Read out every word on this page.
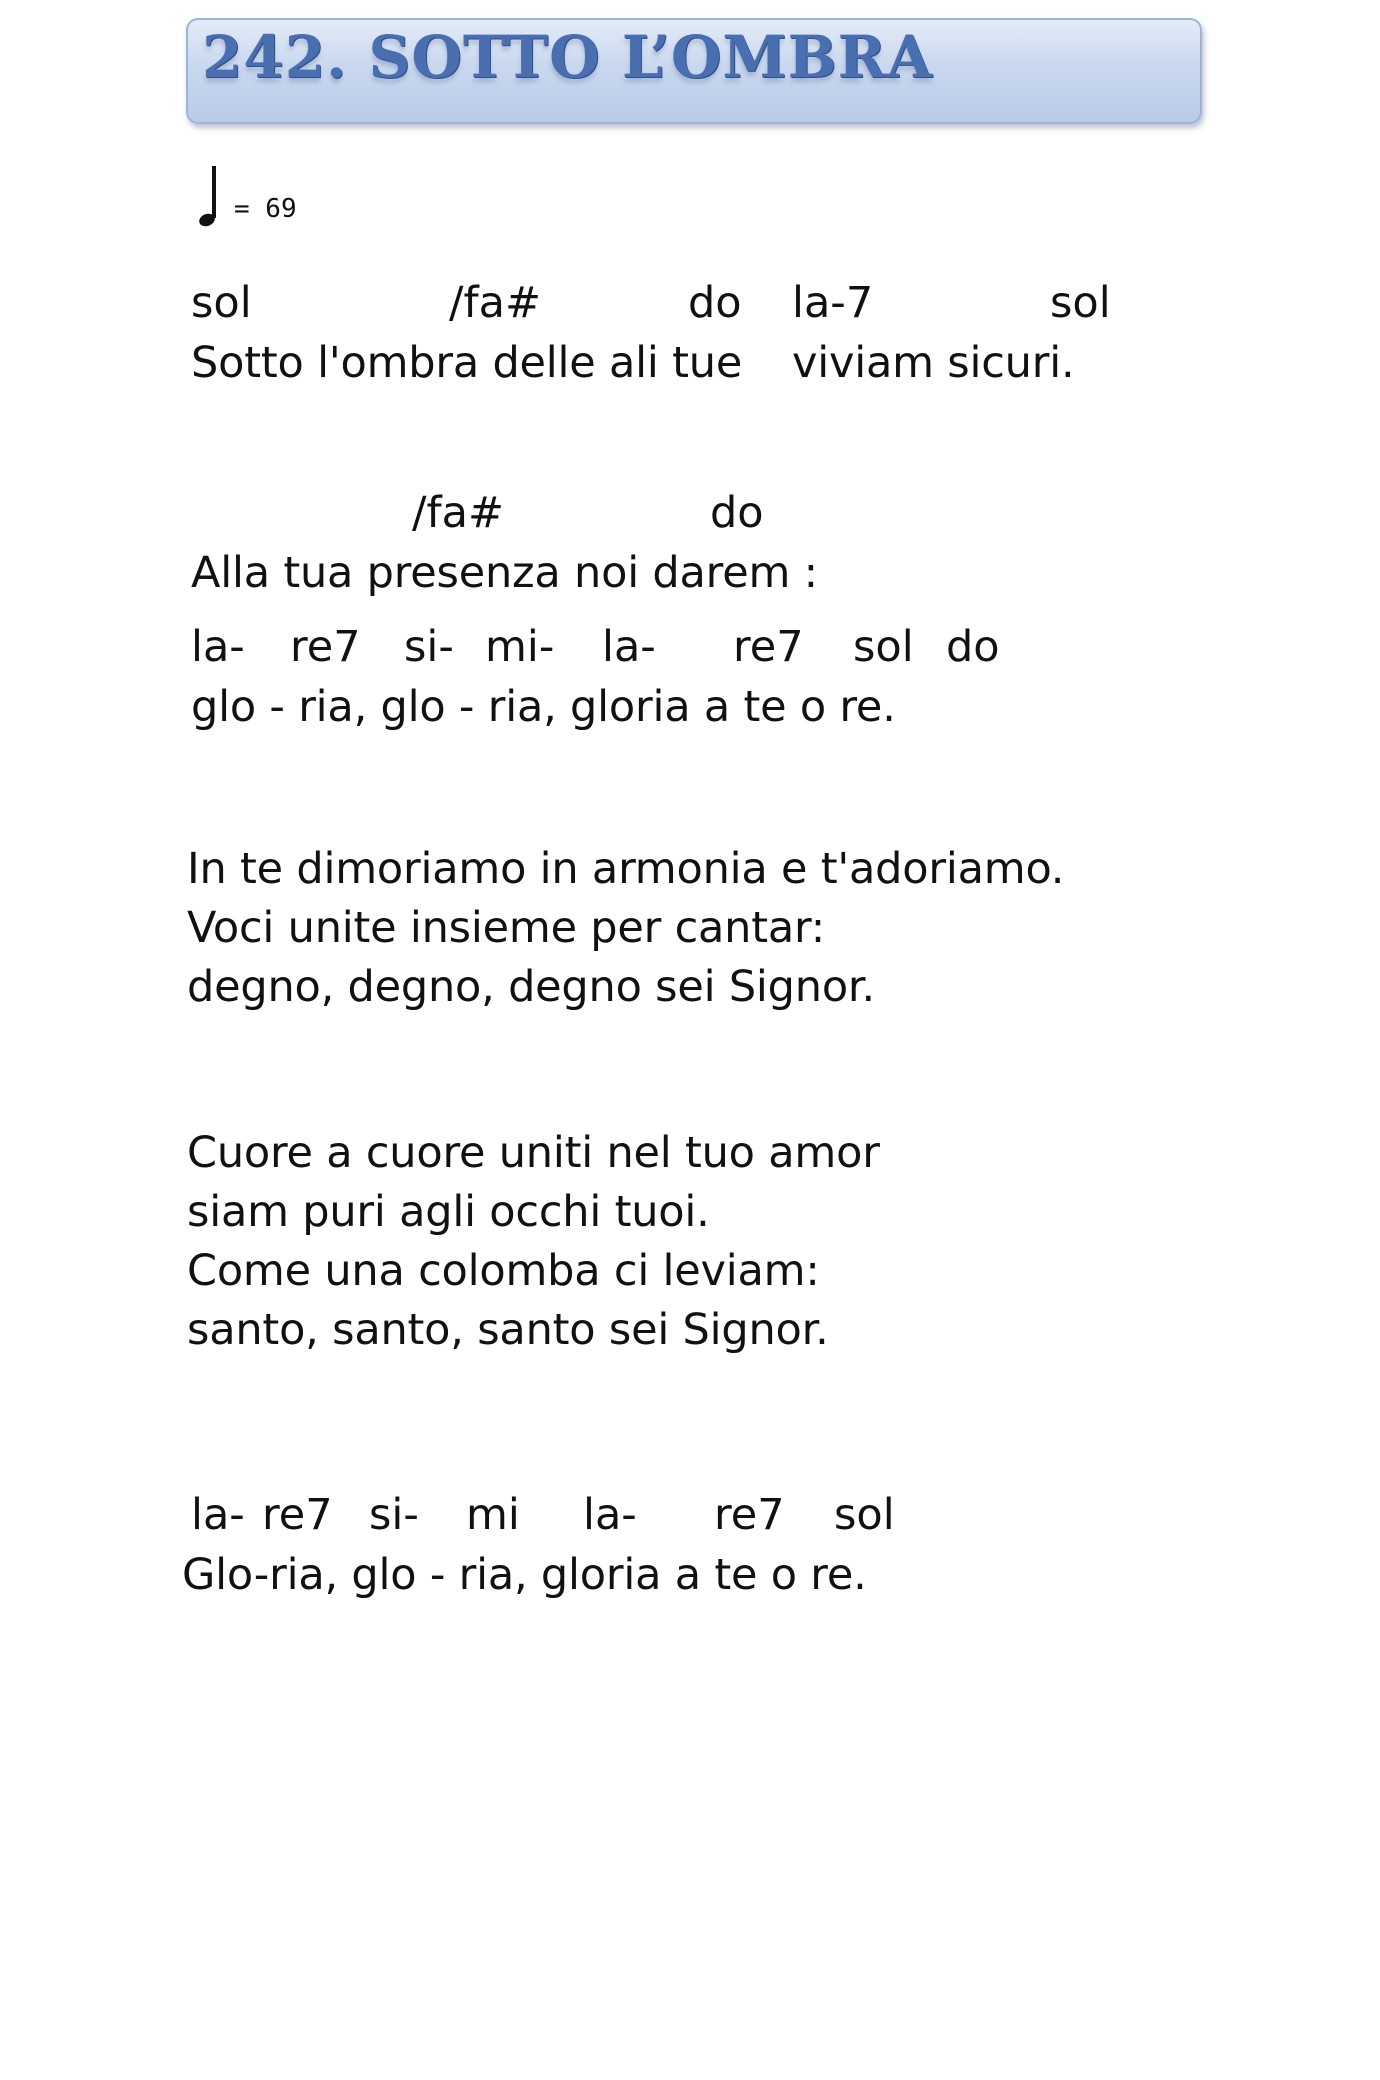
242. SOTTO L’OMBRA
= 69
sol	/fa#	do la-7	sol
Sotto l'ombra delle ali tue viviam sicuri.
/fa#	do
Alla tua presenza noi darem :
la- re7 si- mi- la- re7 sol do
glo - ria, glo - ria, gloria a te o re.
In te dimoriamo in armonia e t'adoriamo.
Voci unite insieme per cantar:
degno, degno, degno sei Signor.
Cuore a cuore uniti nel tuo amor
siam puri agli occhi tuoi.
Come una colomba ci leviam:
santo, santo, santo sei Signor.
la- re7 si- mi la- re7 sol
Glo-ria, glo - ria, gloria a te o re.
